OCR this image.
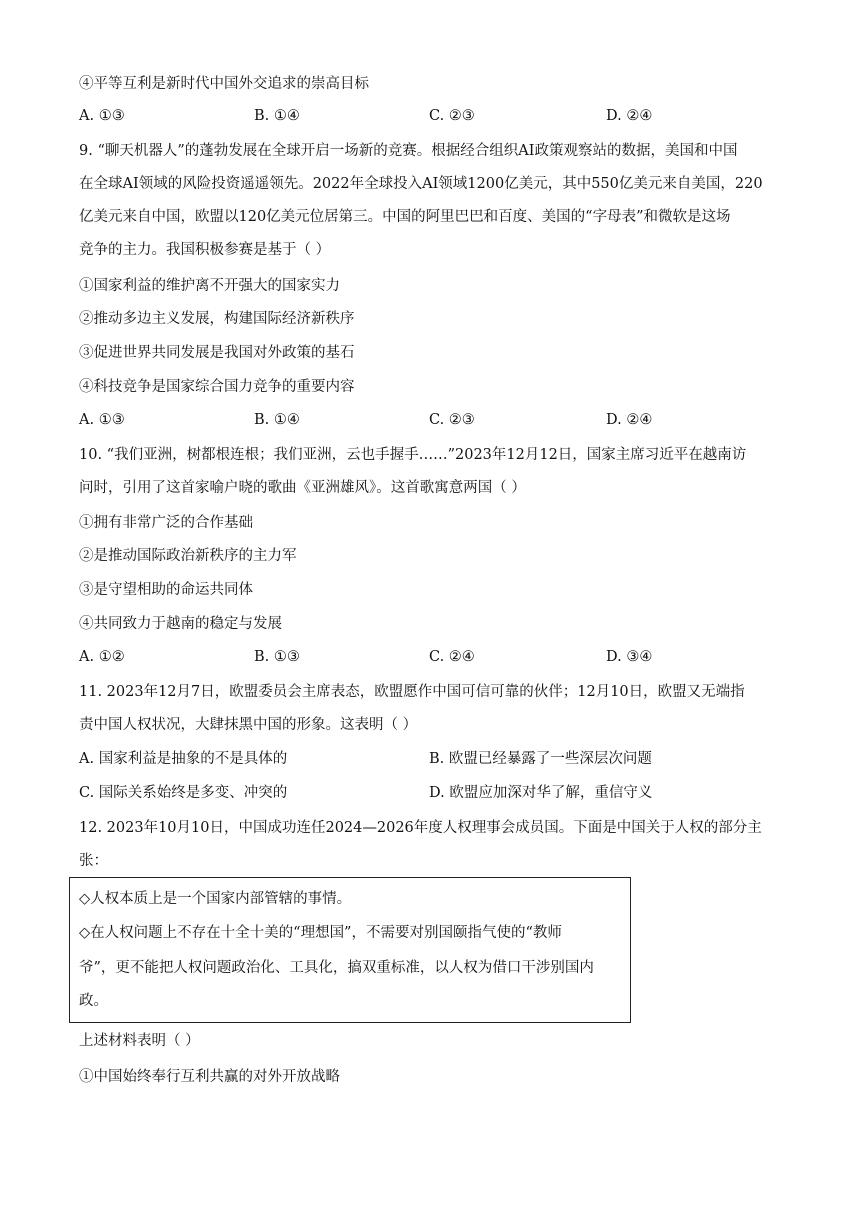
④平等互利是新时代中国外交追求的崇高目标
A. ①③	B. ①④	C. ②③	D. ②④
9. “聊天机器人”的蓬勃发展在全球开启一场新的竞赛。根据经合组织AI政策观察站的数据，美国和中国
在全球AI领域的风险投资遥遥领先。2022年全球投入AI领域1200亿美元，其中550亿美元来自美国，220
亿美元来自中国，欧盟以120亿美元位居第三。中国的阿里巴巴和百度、美国的“字母表”和微软是这场
竞争的主力。我国积极参赛是基于（ ）
①国家利益的维护离不开强大的国家实力
②推动多边主义发展，构建国际经济新秩序
③促进世界共同发展是我国对外政策的基石
④科技竞争是国家综合国力竞争的重要内容
A. ①③	B. ①④	C. ②③	D. ②④
10. “我们亚洲，树都根连根；我们亚洲，云也手握手……”2023年12月12日，国家主席习近平在越南访
问时，引用了这首家喻户晓的歌曲《亚洲雄风》。这首歌寓意两国（ ）
①拥有非常广泛的合作基础
②是推动国际政治新秩序的主力军
③是守望相助的命运共同体
④共同致力于越南的稳定与发展
A. ①②	B. ①③	C. ②④	D. ③④
11. 2023年12月7日，欧盟委员会主席表态，欧盟愿作中国可信可靠的伙伴；12月10日，欧盟又无端指
责中国人权状况，大肆抹黑中国的形象。这表明（ ）
A. 国家利益是抽象的不是具体的	B. 欧盟已经暴露了一些深层次问题
C. 国际关系始终是多变、冲突的	D. 欧盟应加深对华了解，重信守义
12. 2023年10月10日，中国成功连任2024—2026年度人权理事会成员国。下面是中国关于人权的部分主
张：
◇人权本质上是一个国家内部管辖的事情。
◇在人权问题上不存在十全十美的“理想国”，不需要对别国颐指气使的“教师
爷”，更不能把人权问题政治化、工具化，搞双重标准，以人权为借口干涉别国内
政。
上述材料表明（ ）
①中国始终奉行互利共赢的对外开放战略
